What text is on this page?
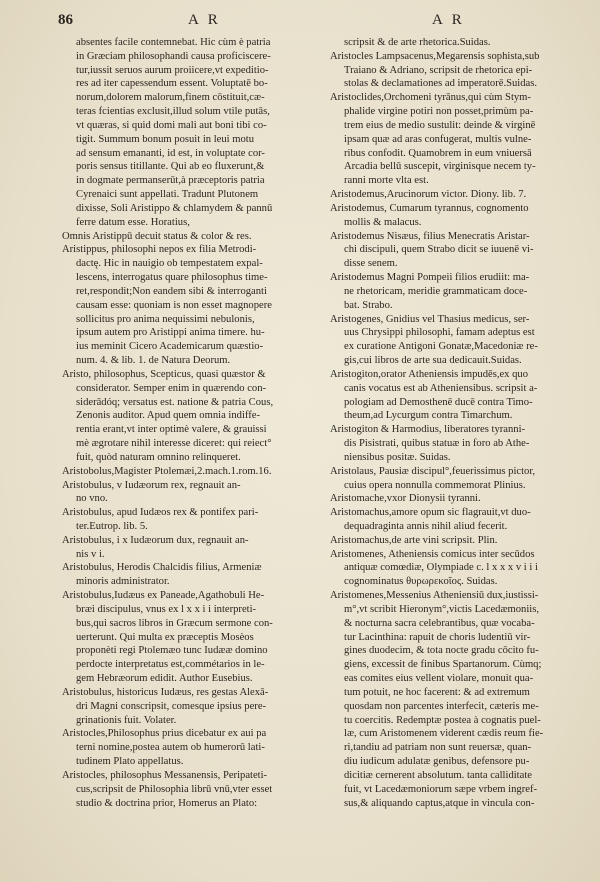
86	A R	A R
absentes facile contemnebat. Hic cùm è patria
in Græciam philosophandi causa proficiscere-
tur,iussit seruos aurum proiicere,vt expeditio-
res ad iter capessendum essent. Voluptatē bo-
norum,dolorem malorum,finem cōstituit,cæ-
teras fcientias exclusit,illud solum vtile putās,
vt quæras, si quid domi mali aut boni tibi co-
tigit. Summum bonum posuit in leui motu
ad sensum emananti, id est, in voluptate cor-
poris sensus titillante. Qui ab eo fluxerunt,&
in dogmate permanserūt,à præceptoris patria
Cyrenaici sunt appellati. Tradunt Plutonem
dixisse, Soli Aristippo & chlamydem & pannū
ferre datum esse. Horatius,
Omnis Aristippū decuit status & color & res.
Aristippus, philosophi nepos ex filia Metrodi-
dactę. Hic in nauigio ob tempestatem expal-
lescens, interrogatus quare philosophus time-
ret,respondit;Non eandem sibi & interroganti
causam esse: quoniam is non esset magnopere
sollicitus pro anima nequissimi nebulonis,
ipsum autem pro Aristippi anima timere. hu-
ius meminit Cicero Academicarum quæstio-
num. 4. & lib. 1. de Natura Deorum.
Aristo, philosophus, Scepticus, quasi quæstor &
considerator. Semper enim in quærendo con-
siderādóq; versatus est. natione & patria Cous,
Zenonis auditor. Apud quem omnia indiffe-
rentia erant,vt inter optimè valere, & grauissi
mè ægrotare nihil interesse diceret: qui reiect°
fuit, quòd naturam omnino relinqueret.
Aristobolus,Magister Ptolemæi,2.mach.1.rom.16.
Aristobulus, v Iudæorum rex, regnauit an-
no vno.
Aristobulus, apud Iudæos rex & pontifex pari-
ter.Eutrop. lib. 5.
Aristobulus, i x Iudæorum dux, regnauit an-
nis v i.
Aristobulus, Herodis Chalcidis filius, Armeniæ
minoris administrator.
Aristobulus,Iudæus ex Paneade,Agathobuli He-
bræi discipulus, vnus ex l x x i i interpreti-
bus,qui sacros libros in Græcum sermone con-
uerterunt. Qui multa ex præceptis Mosèos
proponèti regi Ptolemæo tunc Iudææ domino
perdocte interpretatus est,commétarios in le-
gem Hebræorum edidit. Author Eusebius.
Aristobulus, historicus Iudæus, res gestas Alexā-
dri Magni conscripsit, comesque ipsius pere-
grinationis fuit. Volater.
Aristocles,Philosophus prius dicebatur ex aui pa
terni nomine,postea autem ob humerorū lati-
tudinem Plato appellatus.
Aristocles, philosophus Messanensis, Peripateti-
cus,scripsit de Philosophia librū vnū,vter esset
studio & doctrina prior, Homerus an Plato:
scripsit & de arte rhetorica.Suidas.
Aristocles Lampsacenus,Megarensis sophista,sub
Traiano & Adriano, scripsit de rhetorica epi-
stolas & declamationes ad imperatorē.Suidas.
Aristoclides,Orchomeni tyrānus,qui cùm Stym-
phalide virgine potiri non posset,primùm pa-
trem eius de medio sustulit: deinde & virginē
ipsam quæ ad aras confugerat, multis vulne-
ribus confodit. Quamobrem in eum vniuersā
Arcadia bellū suscepit, virginisque necem ty-
ranni morte vlta est.
Aristodemus,Arucinorum victor. Diony. lib. 7.
Aristodemus, Cumarum tyrannus, cognomento
mollis & malacus.
Aristodemus Nisæus, filius Menecratis Aristar-
chi discipuli, quem Strabo dicit se iuuenē vi-
disse senem.
Aristodemus Magni Pompeii filios erudiit: ma-
ne rhetoricam, meridie grammaticam doce-
bat. Strabo.
Aristogenes, Gnidius vel Thasius medicus, ser-
uus Chrysippi philosophi, famam adeptus est
ex curatione Antigoni Gonatæ,Macedoniæ re-
gis,cui libros de arte sua dedicauit.Suidas.
Aristogiton,orator Atheniensis impudēs,ex quo
canis vocatus est ab Atheniensibus. scripsit a-
pologiam ad Demosthenē ducē contra Timo-
theum,ad Lycurgum contra Timarchum.
Aristogiton & Harmodius, liberatores tyranni-
dis Pisistrati, quibus statuæ in foro ab Athe-
niensibus positæ. Suidas.
Aristolaus, Pausiæ discipul°,feuerissimus pictor,
cuius opera nonnulla commemorat Plinius.
Aristomache,vxor Dionysii tyranni.
Aristomachus,amore opum sic flagrauit,vt duo-
dequadraginta annis nihil aliud fecerit.
Aristomachus,de arte vini scripsit. Plin.
Aristomenes, Atheniensis comicus inter secūdos
antiquæ comœdiæ, Olympiade c. l x x x v i i i
cognominatus θυρωρεκοῖος. Suidas.
Aristomenes,Messenius Atheniensiū dux,iustissi-
m°,vt scribit Hieronym°,victis Lacedæmoniis,
& nocturna sacra celebrantibus, quæ vocaba-
tur Lacinthina: rapuit de choris ludentiū vir-
gines duodecim, & tota nocte gradu cōcito fu-
giens, excessit de finibus Spartanorum. Cùmq;
eas comites eius vellent violare, monuit qua-
tum potuit, ne hoc facerent: & ad extremum
quosdam non parcentes interfecit, cæteris me-
tu coercitis. Redemptæ postea à cognatis puel-
læ, cum Aristomenem viderent cædis reum fie-
ri,tandiu ad patriam non sunt reuersæ, quan-
diu iudicum adulatæ genibus, defensore pu-
dicitiæ cernerent absolutum. tanta calliditate
fuit, vt Lacedæmoniorum sæpe vrbem ingref-
sus,& aliquando captus,atque in vincula con-
